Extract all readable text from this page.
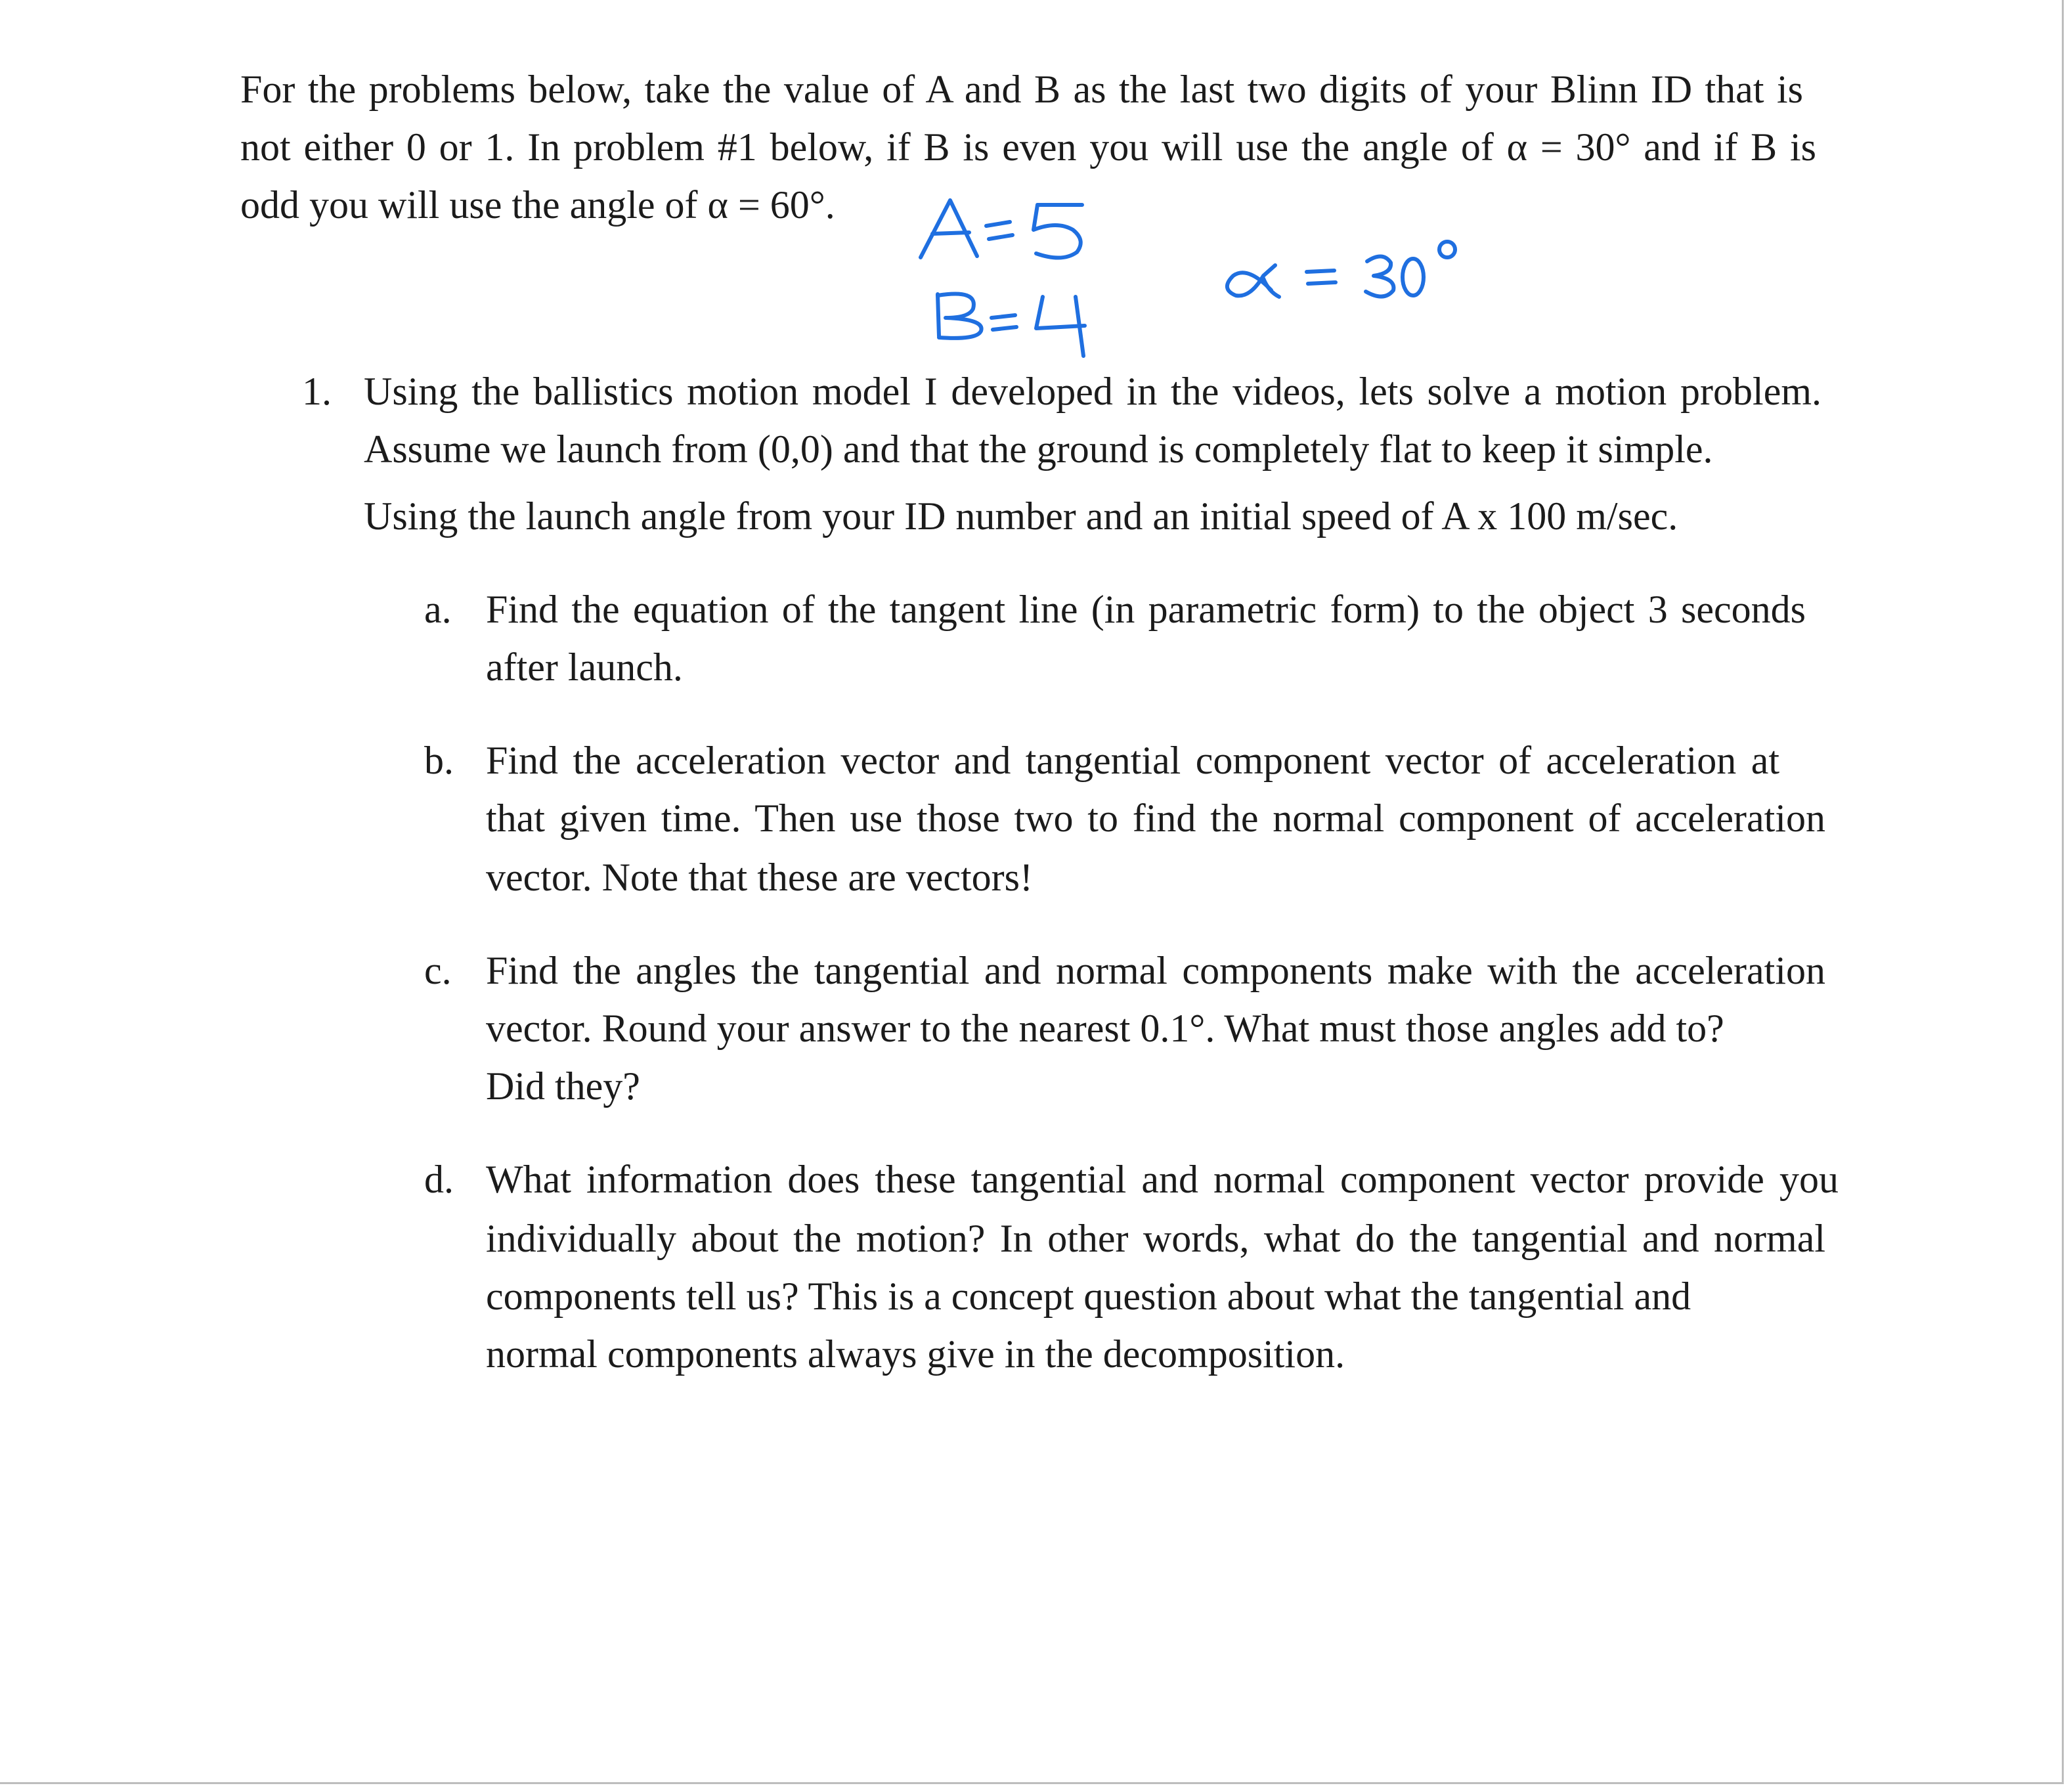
For the problems below, take the value of A and B as the last two digits of your Blinn ID that is
not either 0 or 1. In problem #1 below, if B is even you will use the angle of α = 30° and if B is
odd you will use the angle of α = 60°.
1. Using the ballistics motion model I developed in the videos, lets solve a motion problem.
Assume we launch from (0,0) and that the ground is completely flat to keep it simple.
Using the launch angle from your ID number and an initial speed of A x 100 m/sec.
a. Find the equation of the tangent line (in parametric form) to the object 3 seconds
after launch.
b. Find the acceleration vector and tangential component vector of acceleration at
that given time. Then use those two to find the normal component of acceleration
vector. Note that these are vectors!
c. Find the angles the tangential and normal components make with the acceleration
vector. Round your answer to the nearest 0.1°. What must those angles add to?
Did they?
d. What information does these tangential and normal component vector provide you
individually about the motion? In other words, what do the tangential and normal
components tell us? This is a concept question about what the tangential and
normal components always give in the decomposition.
